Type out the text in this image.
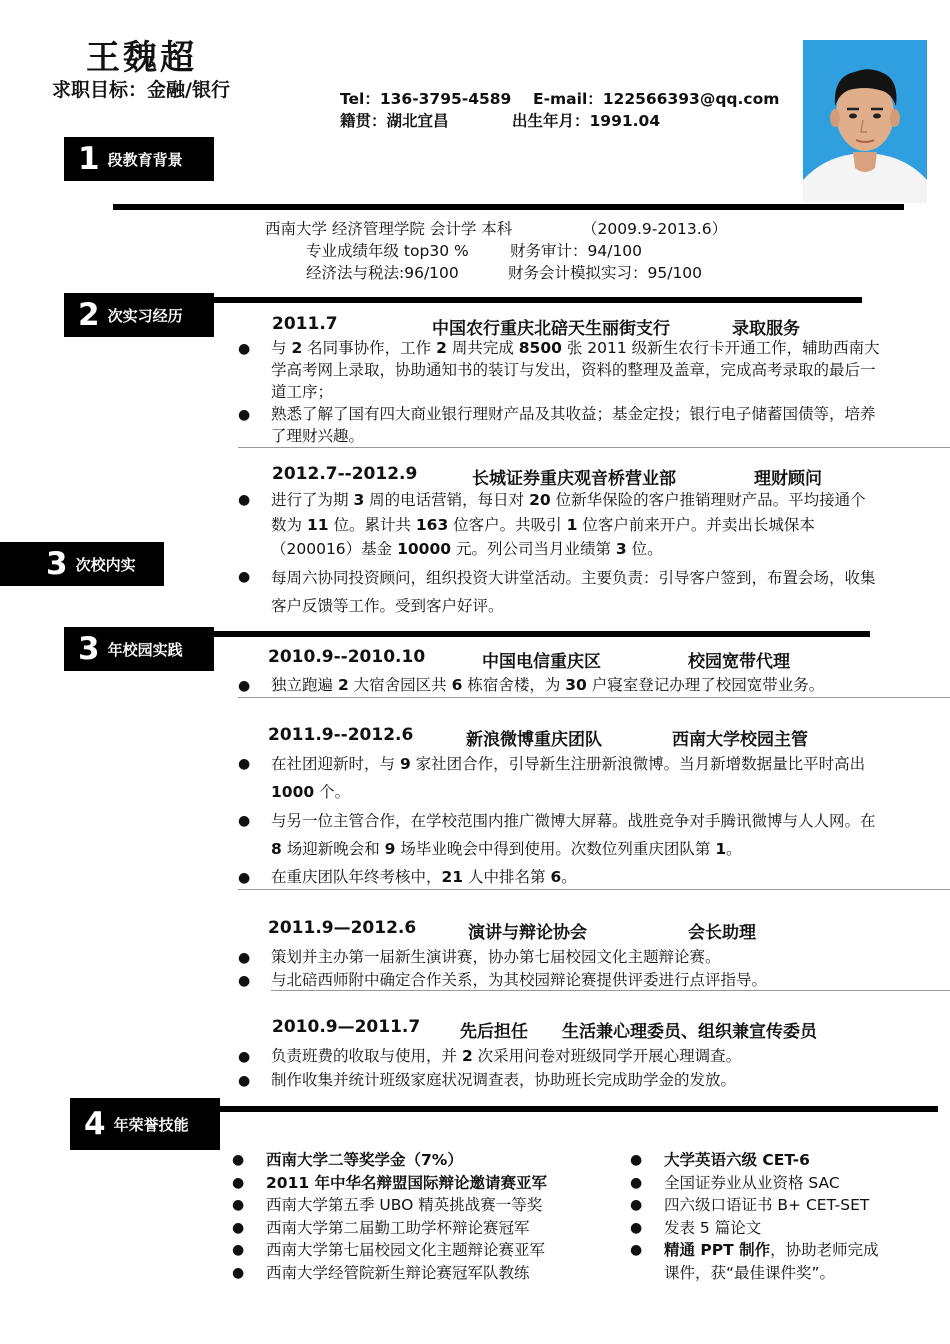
王魏超
求职目标：金融/银行	Tel：136-3795-4589 E-mail：122566393@qq.com
籍贯：湖北宜昌	出生年月：1991.04
1 段教育背景
西南大学 经济管理学院 会计学 本科	（2009.9-2013.6）
专业成绩年级 top30 %	财务审计：94/100
经济法与税法:96/100	财务会计模拟实习：95/100
2 次实习经历	2011.7	中国农行重庆北碚天生丽街支行	录取服务
● 与 2 名同事协作，工作 2 周共完成 8500 张 2011 级新生农行卡开通工作，辅助西南大学高考网上录取，协助通知书的装订与发出，资料的整理及盖章，完成高考录取的最后一道工序；
● 熟悉了解了国有四大商业银行理财产品及其收益；基金定投；银行电子储蓄国债等，培养了理财兴趣。
2012.7--2012.9	长城证券重庆观音桥营业部	理财顾问
● 进行了为期 3 周的电话营销，每日对 20 位新华保险的客户推销理财产品。平均接通个数为 11 位。累计共 163 位客户。共吸引 1 位客户前来开户。并卖出长城保本（200016）基金 10000 元。列公司当月业绩第 3 位。
3 次校内实
● 每周六协同投资顾问，组织投资大讲堂活动。主要负责：引导客户签到，布置会场，收集客户反馈等工作。受到客户好评。
3 年校园实践	2010.9--2010.10	中国电信重庆区	校园宽带代理
● 独立跑遍 2 大宿舍园区共 6 栋宿舍楼，为 30 户寝室登记办理了校园宽带业务。
2011.9--2012.6	新浪微博重庆团队	西南大学校园主管
● 在社团迎新时，与 9 家社团合作，引导新生注册新浪微博。当月新增数据量比平时高出 1000 个。
● 与另一位主管合作，在学校范围内推广微博大屏幕。战胜竞争对手腾讯微博与人人网。在 8 场迎新晚会和 9 场毕业晚会中得到使用。次数位列重庆团队第 1。
● 在重庆团队年终考核中，21 人中排名第 6。
2011.9—2012.6	演讲与辩论协会	会长助理
● 策划并主办第一届新生演讲赛，协办第七届校园文化主题辩论赛。
● 与北碚西师附中确定合作关系，为其校园辩论赛提供评委进行点评指导。
2010.9—2011.7 先后担任 生活兼心理委员、组织兼宣传委员
● 负责班费的收取与使用，并 2 次采用问卷对班级同学开展心理调查。
● 制作收集并统计班级家庭状况调查表，协助班长完成助学金的发放。
4 年荣誉技能
● 西南大学二等奖学金（7%）
● 2011 年中华名辩盟国际辩论邀请赛亚军
● 西南大学第五季 UBO 精英挑战赛一等奖
● 西南大学第二届勤工助学杯辩论赛冠军
● 西南大学第七届校园文化主题辩论赛亚军
● 西南大学经管院新生辩论赛冠军队教练
● 大学英语六级 CET-6
● 全国证券业从业资格 SAC
● 四六级口语证书 B+ CET-SET
● 发表 5 篇论文
● 精通 PPT 制作，协助老师完成
课件，获“最佳课件奖”。
